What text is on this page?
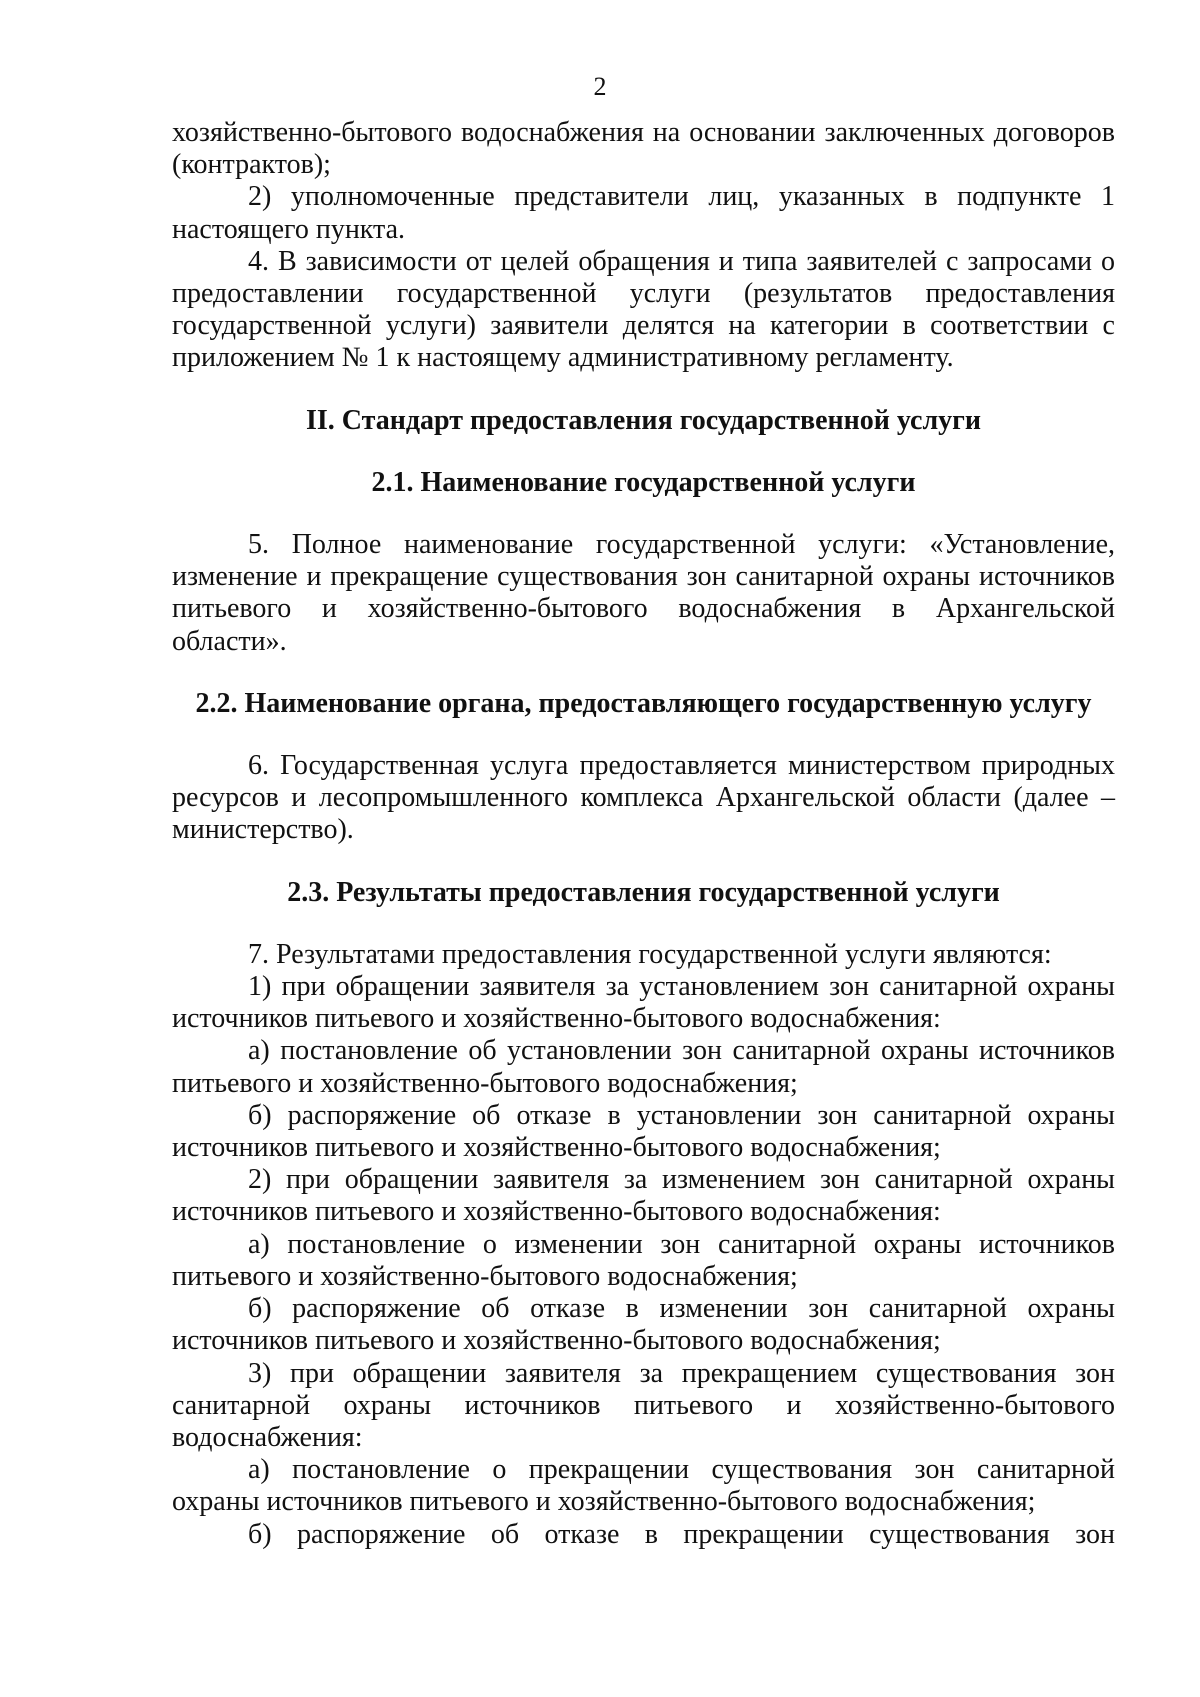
2

хозяйственно-бытового водоснабжения на основании заключенных договоров (контрактов);

2) уполномоченные представители лиц, указанных в подпункте 1 настоящего пункта.

4. В зависимости от целей обращения и типа заявителей с запросами о предоставлении государственной услуги (результатов предоставления государственной услуги) заявители делятся на категории в соответствии с приложением № 1 к настоящему административному регламенту.

II. Стандарт предоставления государственной услуги
2.1. Наименование государственной услуги

5. Полное наименование государственной услуги: «Установление, изменение и прекращение существования зон санитарной охраны источников питьевого и хозяйственно-бытового водоснабжения в Архангельской области».

2.2. Наименование органа, предоставляющего государственную услугу

6. Государственная услуга предоставляется министерством природных ресурсов и лесопромышленного комплекса Архангельской области (далее – министерство).

2.3. Результаты предоставления государственной услуги

7. Результатами предоставления государственной услуги являются:

1) при обращении заявителя за установлением зон санитарной охраны источников питьевого и хозяйственно-бытового водоснабжения:

а) постановление об установлении зон санитарной охраны источников питьевого и хозяйственно-бытового водоснабжения;

б) распоряжение об отказе в установлении зон санитарной охраны источников питьевого и хозяйственно-бытового водоснабжения;

2) при обращении заявителя за изменением зон санитарной охраны источников питьевого и хозяйственно-бытового водоснабжения:

а) постановление о изменении зон санитарной охраны источников питьевого и хозяйственно-бытового водоснабжения;

б) распоряжение об отказе в изменении зон санитарной охраны источников питьевого и хозяйственно-бытового водоснабжения;

3) при обращении заявителя за прекращением существования зон санитарной охраны источников питьевого и хозяйственно-бытового водоснабжения:

а) постановление о прекращении существования зон санитарной охраны источников питьевого и хозяйственно-бытового водоснабжения;

б) распоряжение об отказе в прекращении существования зон
